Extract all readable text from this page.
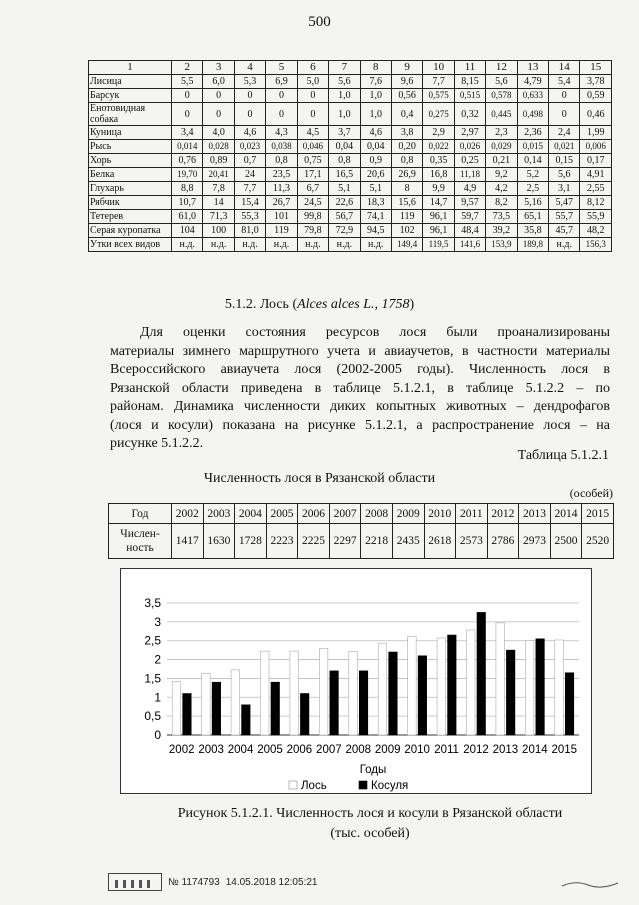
500
1	2	3	4	5	6	7	8	9	10	11	12	13	14	15
Лисица	5,5	6,0	5,3	6,9	5,0	5,6	7,6	9,6	7,7	8,15	5,6	4,79	5,4	3,78
Барсук	0	0	0	0	0	1,0	1,0	0,56	0,575	0,515	0,578	0,633	0	0,59
Енотовидная собака	0	0	0	0	0	1,0	1,0	0,4	0,275	0,32	0,445	0,498	0	0,46
Куница	3,4	4,0	4,6	4,3	4,5	3,7	4,6	3,8	2,9	2,97	2,3	2,36	2,4	1,99
Рысь	0,014	0,028	0,023	0,038	0,046	0,04	0,04	0,20	0,022	0,026	0,029	0,015	0,021	0,006
Хорь	0,76	0,89	0,7	0,8	0,75	0,8	0,9	0,8	0,35	0,25	0,21	0,14	0,15	0,17
Белка	19,70	20,41	24	23,5	17,1	16,5	20,6	26,9	16,8	11,18	9,2	5,2	5,6	4,91
Глухарь	8,8	7,8	7,7	11,3	6,7	5,1	5,1	8	9,9	4,9	4,2	2,5	3,1	2,55
Рябчик	10,7	14	15,4	26,7	24,5	22,6	18,3	15,6	14,7	9,57	8,2	5,16	5,47	8,12
Тетерев	61,0	71,3	55,3	101	99,8	56,7	74,1	119	96,1	59,7	73,5	65,1	55,7	55,9
Серая куропатка	104	100	81,0	119	79,8	72,9	94,5	102	96,1	48,4	39,2	35,8	45,7	48,2
Утки всех видов	н.д.	н.д.	н.д.	н.д.	н.д.	н.д.	н.д.	149,4	119,5	141,6	153,9	189,8	н.д.	156,3
5.1.2. Лось (Alces alces L., 1758)

Для оценки состояния ресурсов лося были проанализированы
материалы зимнего маршрутного учета и авиаучетов, в частности материалы
Всероссийского авиаучета лося (2002-2005 годы). Численность лося в
Рязанской области приведена в таблице 5.1.2.1, в таблице 5.1.2.2 – по
районам. Динамика численности диких копытных животных – дендрофагов
(лося и косули) показана на рисунке 5.1.2.1, а распространение лося – на
рисунке 5.1.2.2.

Таблица 5.1.2.1
Численность лося в Рязанской области
(особей)
Год	2002	2003	2004	2005	2006	2007	2008	2009	2010	2011	2012	2013	2014	2015
Числен-ность	1417	1630	1728	2223	2225	2297	2218	2435	2618	2573	2786	2973	2500	2520
0
0,5
1
1,5
2
2,5
3
3,5
2002 2003 2004 2005 2006 2007 2008 2009 2010 2011 2012 2013 2014 2015
Годы
Лось	Косуля
Рисунок 5.1.2.1. Численность лося и косули в Рязанской области
(тыс. особей)
№ 1174793 14.05.2018 12:05:21
